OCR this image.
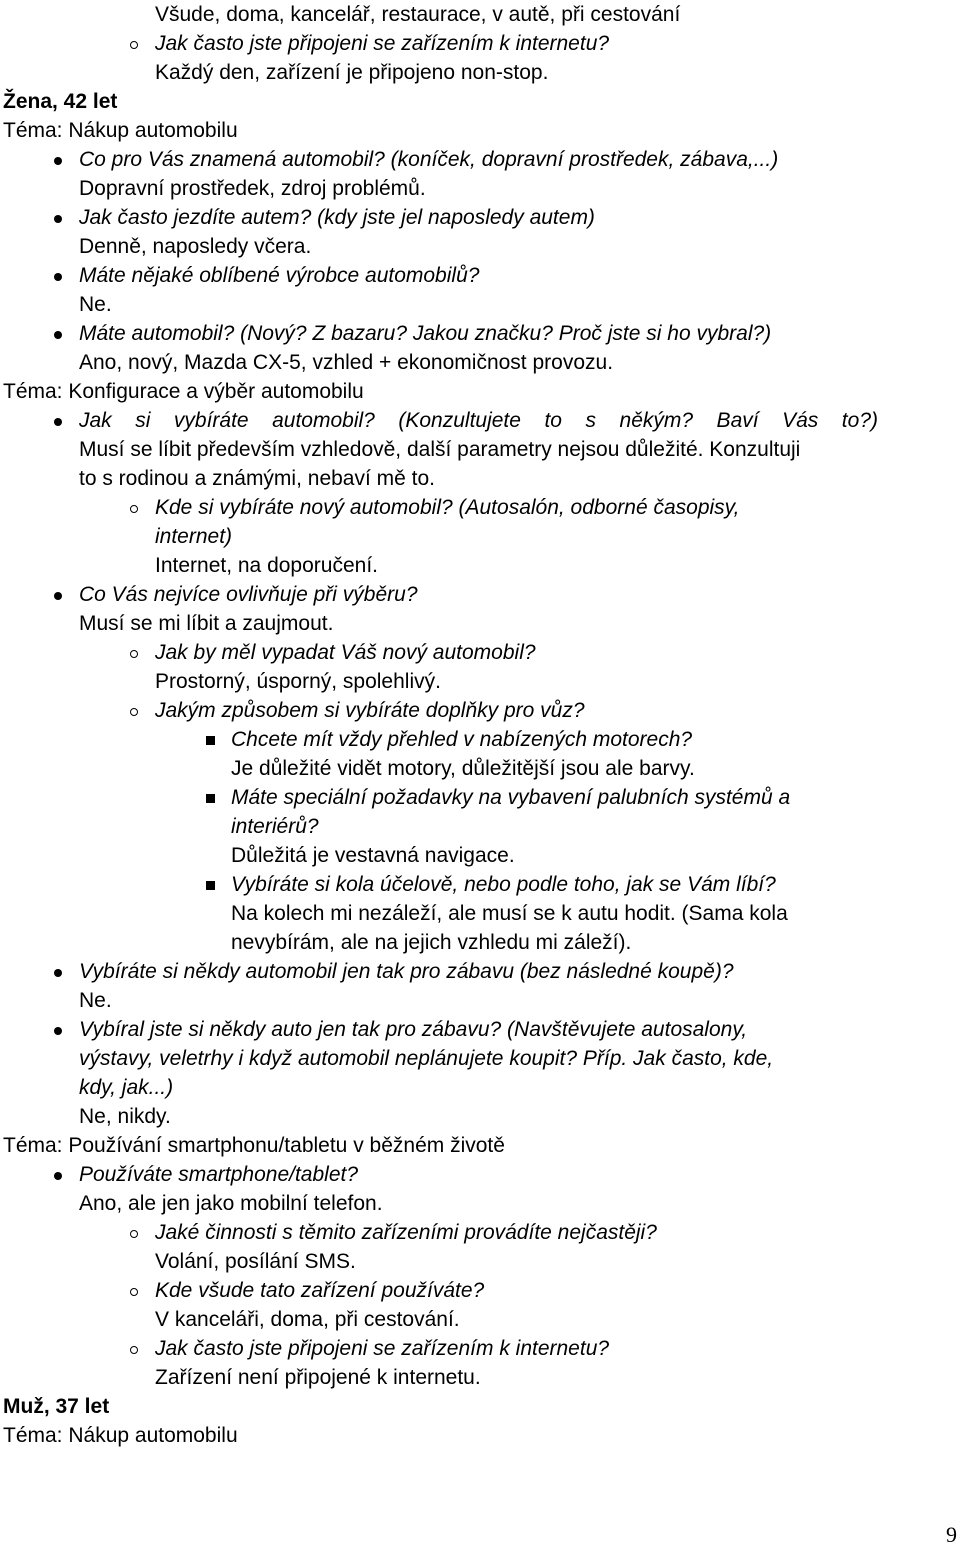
Všude, doma, kancelář, restaurace, v autě, při cestování
Jak často jste připojeni se zařízením k internetu?
Každý den, zařízení je připojeno non-stop.
Žena, 42 let
Téma: Nákup automobilu
Co pro Vás znamená automobil? (koníček, dopravní prostředek, zábava,...)
Dopravní prostředek, zdroj problémů.
Jak často jezdíte autem? (kdy jste jel naposledy autem)
Denně, naposledy včera.
Máte nějaké oblíbené výrobce automobilů?
Ne.
Máte automobil? (Nový? Z bazaru? Jakou značku? Proč jste si ho vybral?)
Ano, nový, Mazda CX-5, vzhled + ekonomičnost provozu.
Téma: Konfigurace a výběr automobilu
Jak si vybíráte automobil? (Konzultujete to s někým? Baví Vás to?)
Musí se líbit především vzhledově, další parametry nejsou důležité. Konzultuji
to s rodinou a známými, nebaví mě to.
Kde si vybíráte nový automobil? (Autosalón, odborné časopisy,
internet)
Internet, na doporučení.
Co Vás nejvíce ovlivňuje při výběru?
Musí se mi líbit a zaujmout.
Jak by měl vypadat Váš nový automobil?
Prostorný, úsporný, spolehlivý.
Jakým způsobem si vybíráte doplňky pro vůz?
Chcete mít vždy přehled v nabízených motorech?
Je důležité vidět motory, důležitější jsou ale barvy.
Máte speciální požadavky na vybavení palubních systémů a
interiérů?
Důležitá je vestavná navigace.
Vybíráte si kola účelově, nebo podle toho, jak se Vám líbí?
Na kolech mi nezáleží, ale musí se k autu hodit. (Sama kola
nevybírám, ale na jejich vzhledu mi záleží).
Vybíráte si někdy automobil jen tak pro zábavu (bez následné koupě)?
Ne.
Vybíral jste si někdy auto jen tak pro zábavu? (Navštěvujete autosalony,
výstavy, veletrhy i když automobil neplánujete koupit? Příp. Jak často, kde,
kdy, jak...)
Ne, nikdy.
Téma: Používání smartphonu/tabletu v běžném životě
Používáte smartphone/tablet?
Ano, ale jen jako mobilní telefon.
Jaké činnosti s těmito zařízeními provádíte nejčastěji?
Volání, posílání SMS.
Kde všude tato zařízení používáte?
V kanceláři, doma, při cestování.
Jak často jste připojeni se zařízením k internetu?
Zařízení není připojené k internetu.
Muž, 37 let
Téma: Nákup automobilu
9
